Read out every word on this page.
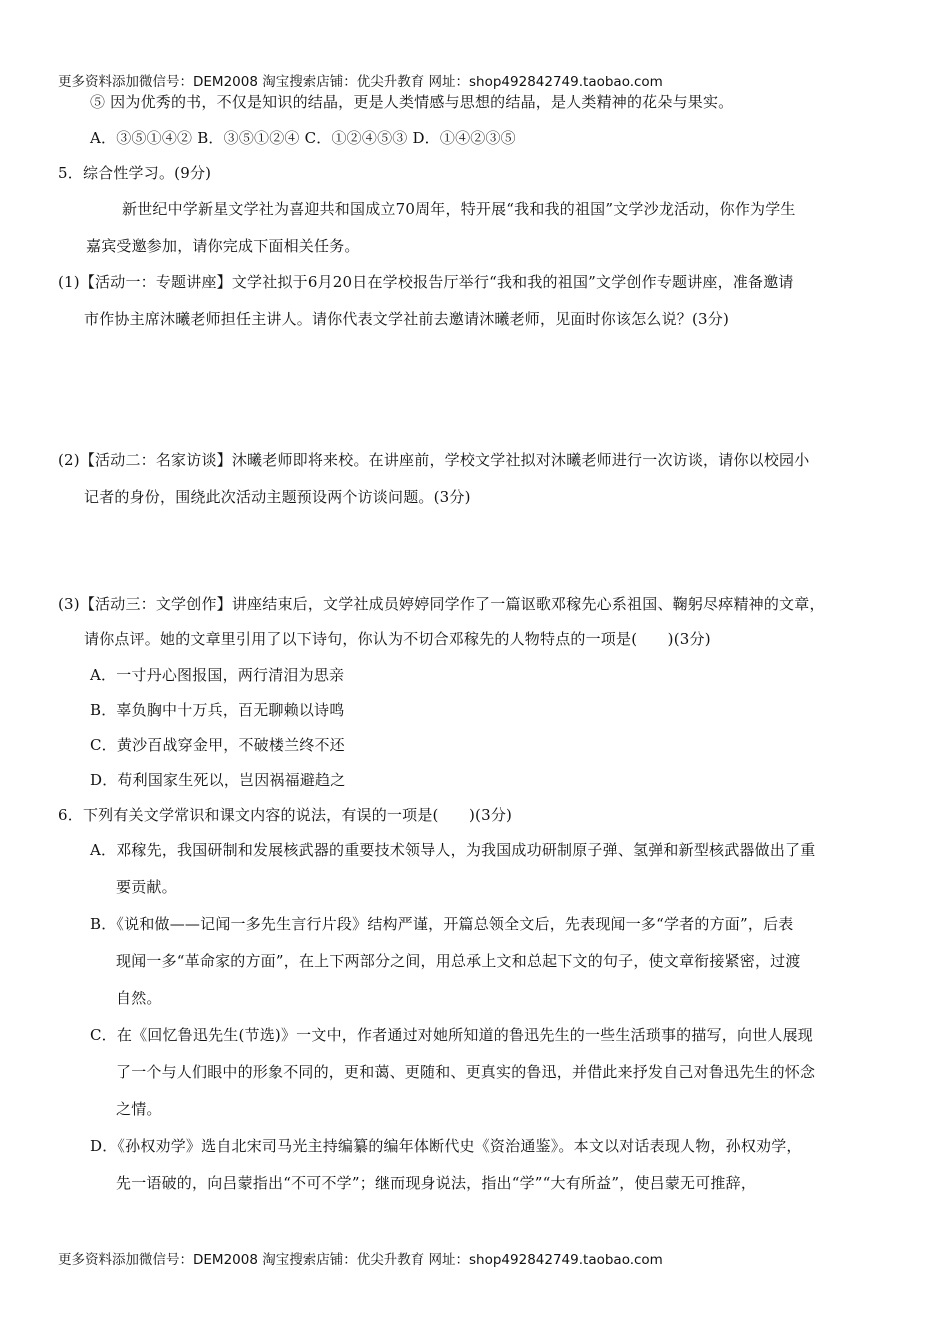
更多资料添加微信号：DEM2008 淘宝搜索店铺：优尖升教育 网址：shop492842749.taobao.com
⑤ 因为优秀的书，不仅是知识的结晶，更是人类情感与思想的结晶，是人类精神的花朵与果实。
A．③⑤①④② B．③⑤①②④ C．①②④⑤③ D．①④②③⑤
5．综合性学习。(9分)
新世纪中学新星文学社为喜迎共和国成立70周年，特开展“我和我的祖国”文学沙龙活动，你作为学生
嘉宾受邀参加，请你完成下面相关任务。
(1)【活动一：专题讲座】文学社拟于6月20日在学校报告厅举行“我和我的祖国”文学创作专题讲座，准备邀请
市作协主席沐曦老师担任主讲人。请你代表文学社前去邀请沐曦老师，见面时你该怎么说？(3分)
(2)【活动二：名家访谈】沐曦老师即将来校。在讲座前，学校文学社拟对沐曦老师进行一次访谈，请你以校园小
记者的身份，围绕此次活动主题预设两个访谈问题。(3分)
(3)【活动三：文学创作】讲座结束后，文学社成员婷婷同学作了一篇讴歌邓稼先心系祖国、鞠躬尽瘁精神的文章，
请你点评。她的文章里引用了以下诗句，你认为不切合邓稼先的人物特点的一项是(　　)(3分)
A．一寸丹心图报国，两行清泪为思亲
B．辜负胸中十万兵，百无聊赖以诗鸣
C．黄沙百战穿金甲，不破楼兰终不还
D．苟利国家生死以，岂因祸福避趋之
6．下列有关文学常识和课文内容的说法，有误的一项是(　　)(3分)
A．邓稼先，我国研制和发展核武器的重要技术领导人，为我国成功研制原子弹、氢弹和新型核武器做出了重
要贡献。
B．《说和做——记闻一多先生言行片段》结构严谨，开篇总领全文后，先表现闻一多“学者的方面”，后表
现闻一多“革命家的方面”，在上下两部分之间，用总承上文和总起下文的句子，使文章衔接紧密，过渡
自然。
C．在《回忆鲁迅先生(节选)》一文中，作者通过对她所知道的鲁迅先生的一些生活琐事的描写，向世人展现
了一个与人们眼中的形象不同的，更和蔼、更随和、更真实的鲁迅，并借此来抒发自己对鲁迅先生的怀念
之情。
D．《孙权劝学》选自北宋司马光主持编纂的编年体断代史《资治通鉴》。本文以对话表现人物，孙权劝学，
先一语破的，向吕蒙指出“不可不学”；继而现身说法，指出“学”“大有所益”，使吕蒙无可推辞，
更多资料添加微信号：DEM2008 淘宝搜索店铺：优尖升教育 网址：shop492842749.taobao.com
